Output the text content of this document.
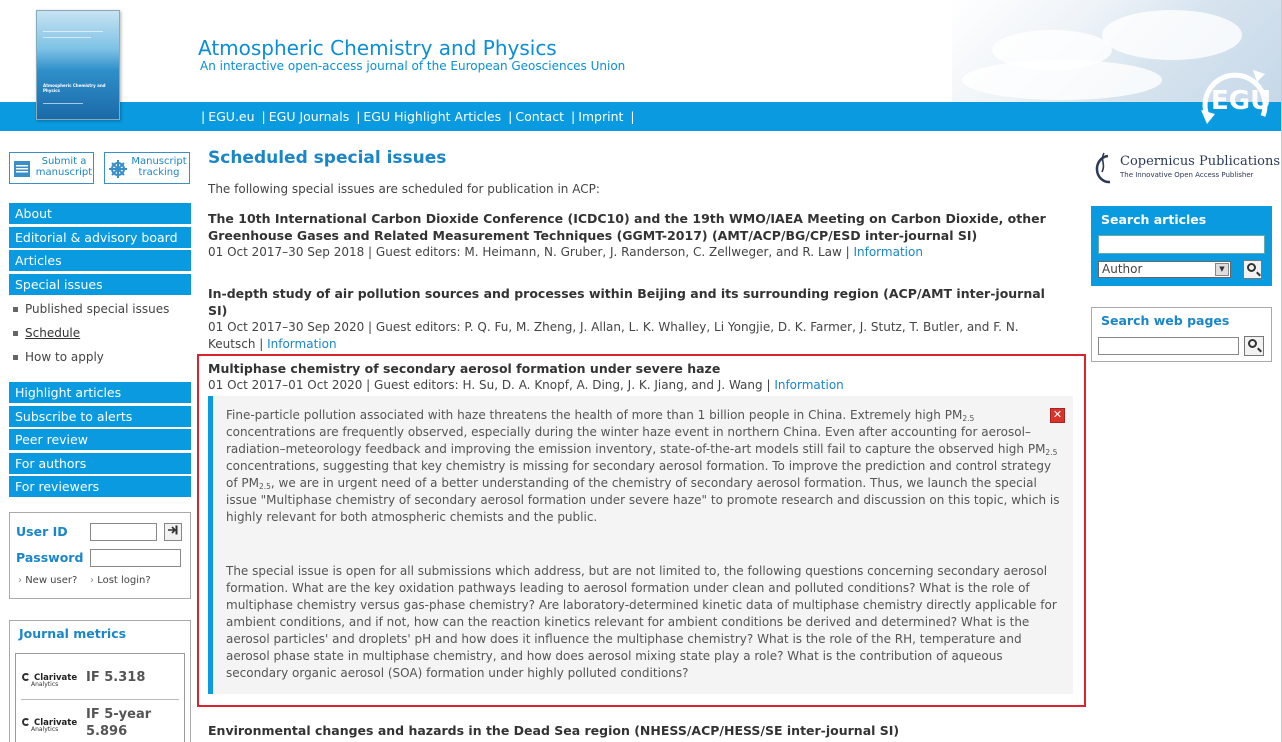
Atmospheric Chemistry and Physics
Atmospheric Chemistry and Physics
An interactive open-access journal of the European Geosciences Union
| EGU.eu | EGU Journals | EGU Highlight Articles | Contact | Imprint |
EGU
Submit a manuscript
Manuscript tracking
About
Editorial & advisory board
Articles
Special issues
Published special issues
Schedule
How to apply
Highlight articles
Subscribe to alerts
Peer review
For authors
For reviewers
User ID
Password
› New user? › Lost login?
Journal metrics
Clarivate
Analytics	IF 5.318
Clarivate
Analytics
IF 5-year
5.896
Scheduled special issues
The following special issues are scheduled for publication in ACP:
The 10th International Carbon Dioxide Conference (ICDC10) and the 19th WMO/IAEA Meeting on Carbon Dioxide, other Greenhouse Gases and Related Measurement Techniques (GGMT-2017) (AMT/ACP/BG/CP/ESD inter-journal SI)
01 Oct 2017–30 Sep 2018 | Guest editors: M. Heimann, N. Gruber, J. Randerson, C. Zellweger, and R. Law | Information
In-depth study of air pollution sources and processes within Beijing and its surrounding region (ACP/AMT inter-journal SI)
01 Oct 2017–30 Sep 2020 | Guest editors: P. Q. Fu, M. Zheng, J. Allan, L. K. Whalley, Li Yongjie, D. K. Farmer, J. Stutz, T. Butler, and F. N. Keutsch | Information
Multiphase chemistry of secondary aerosol formation under severe haze
01 Oct 2017–01 Oct 2020 | Guest editors: H. Su, D. A. Knopf, A. Ding, J. K. Jiang, and J. Wang | Information
✕

Fine-particle pollution associated with haze threatens the health of more than 1 billion people in China. Extremely high $PM_{2.5}$ concentrations are frequently observed, especially during the winter haze event in northern China. Even after accounting for aerosol–radiation–meteorology feedback and improving the emission inventory, state-of-the-art models still fail to capture the observed high $PM_{2.5}$ concentrations, suggesting that key chemistry is missing for secondary aerosol formation. To improve the prediction and control strategy of $PM_{2.5}$, we are in urgent need of a better understanding of the chemistry of secondary aerosol formation. Thus, we launch the special issue "Multiphase chemistry of secondary aerosol formation under severe haze" to promote research and discussion on this topic, which is highly relevant for both atmospheric chemists and the public.

The special issue is open for all submissions which address, but are not limited to, the following questions concerning secondary aerosol formation. What are the key oxidation pathways leading to aerosol formation under clean and polluted conditions? What is the role of multiphase chemistry versus gas-phase chemistry? Are laboratory-determined kinetic data of multiphase chemistry directly applicable for ambient conditions, and if not, how can the reaction kinetics relevant for ambient conditions be derived and determined? What is the aerosol particles' and droplets' pH and how does it influence the multiphase chemistry? What is the role of the RH, temperature and aerosol phase state in multiphase chemistry, and how does aerosol mixing state play a role? What is the contribution of aqueous secondary organic aerosol (SOA) formation under highly polluted conditions?

Environmental changes and hazards in the Dead Sea region (NHESS/ACP/HESS/SE inter-journal SI)
Copernicus Publications
The Innovative Open Access Publisher
Search articles
Author	▼
Search web pages
